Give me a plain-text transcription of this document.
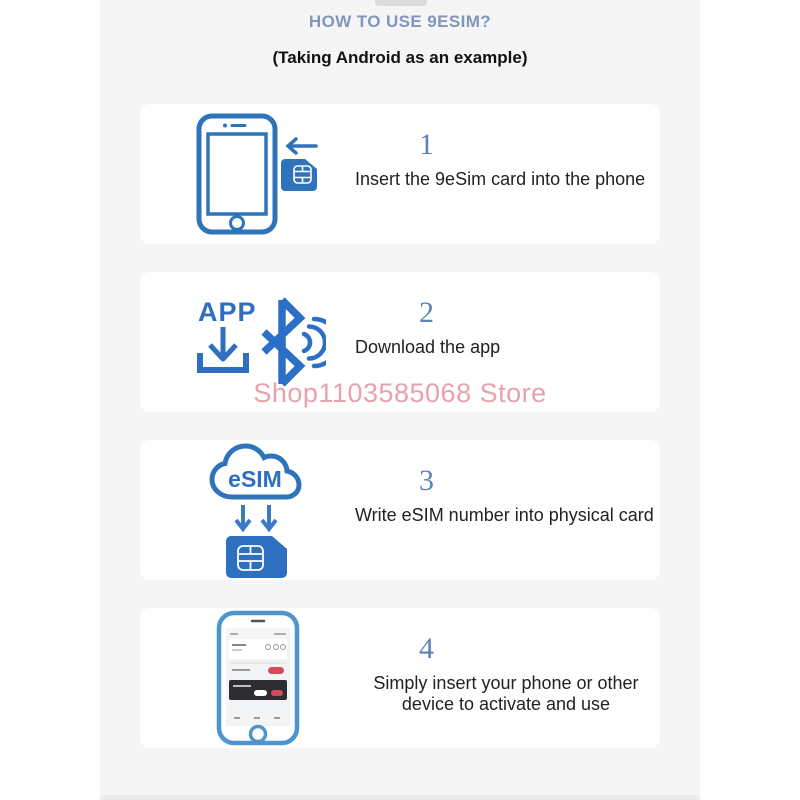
HOW TO USE 9ESIM?
(Taking Android as an example)
1
Insert the 9eSim card into the phone
APP	2
Download the app
Shop1103585068 Store
eSIM	3
Write eSIM number into physical card
4
Simply insert your phone or other device to activate and use
